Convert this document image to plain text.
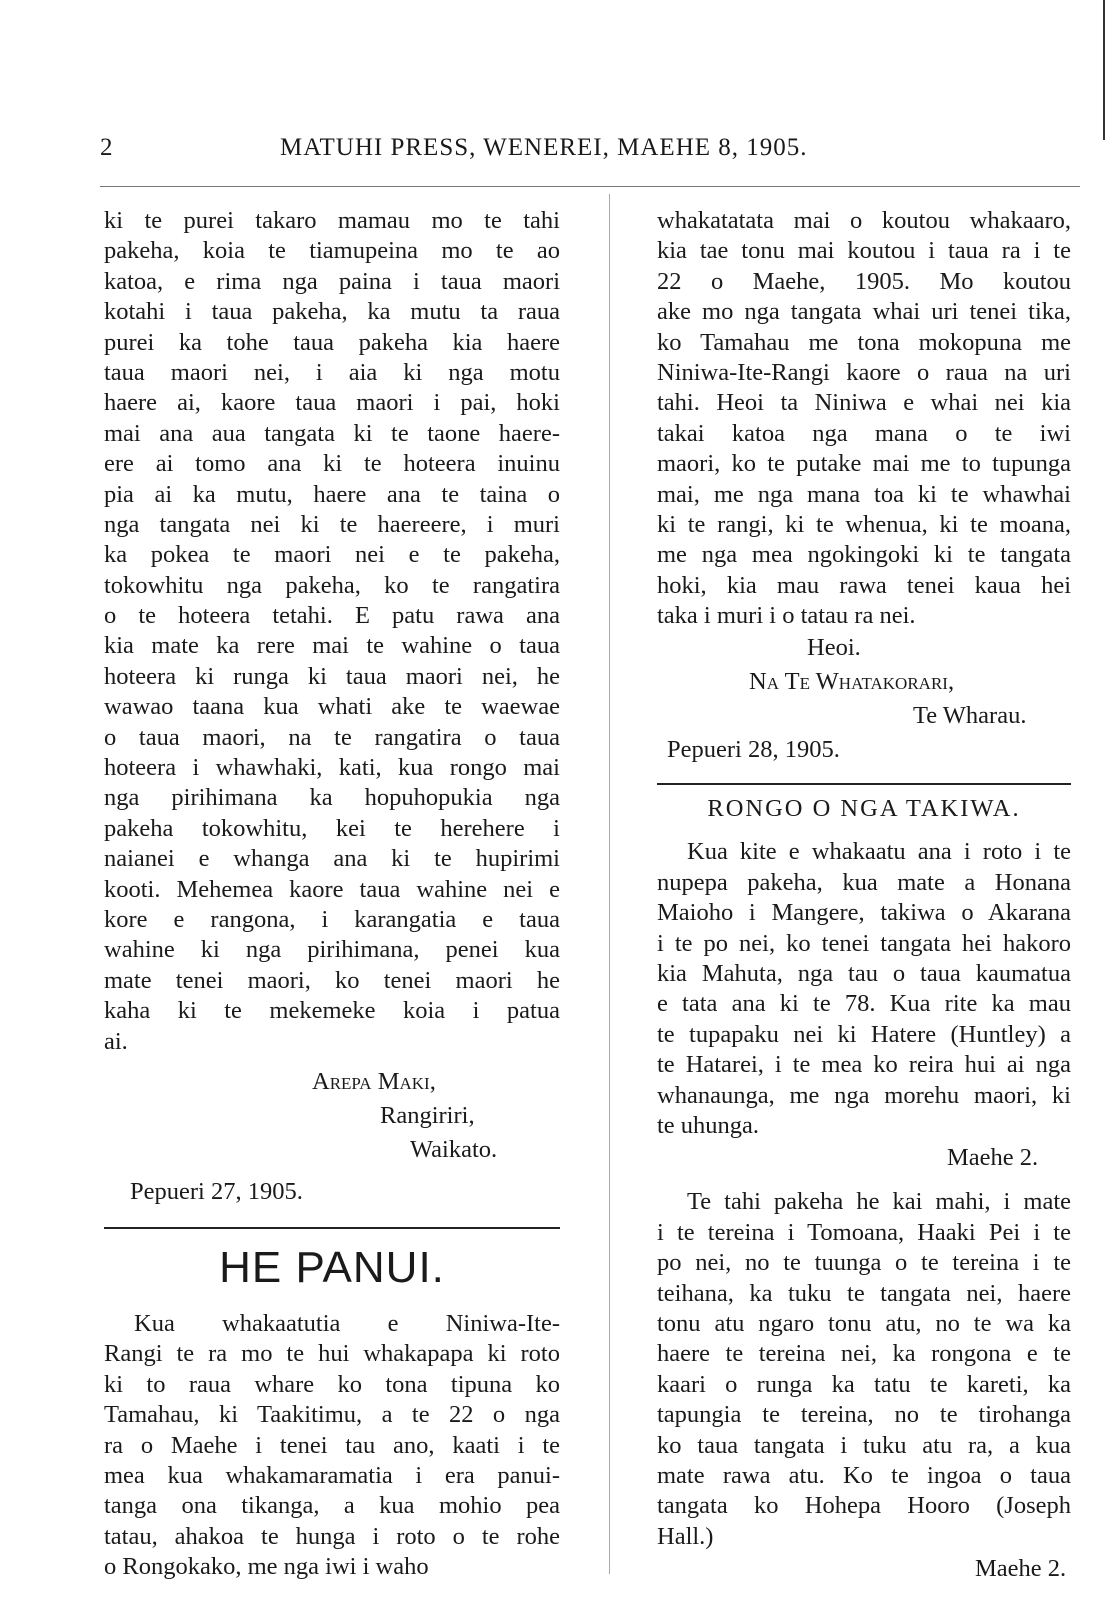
2	MATUHI PRESS, WENEREI, MAEHE 8, 1905.
ki te purei takaro mamau mo te tahi
pakeha, koia te tiamupeina mo te ao
katoa, e rima nga paina i taua maori
kotahi i taua pakeha, ka mutu ta raua
purei ka tohe taua pakeha kia haere
taua maori nei, i aia ki nga motu
haere ai, kaore taua maori i pai, hoki
mai ana aua tangata ki te taone haere-
ere ai tomo ana ki te hoteera inuinu
pia ai ka mutu, haere ana te taina o
nga tangata nei ki te haereere, i muri
ka pokea te maori nei e te pakeha,
tokowhitu nga pakeha, ko te rangatira
o te hoteera tetahi. E patu rawa ana
kia mate ka rere mai te wahine o taua
hoteera ki runga ki taua maori nei, he
wawao taana kua whati ake te waewae
o taua maori, na te rangatira o taua
hoteera i whawhaki, kati, kua rongo mai
nga pirihimana ka hopuhopukia nga
pakeha tokowhitu, kei te herehere i
naianei e whanga ana ki te hupirimi
kooti. Mehemea kaore taua wahine nei e
kore e rangona, i karangatia e taua
wahine ki nga pirihimana, penei kua
mate tenei maori, ko tenei maori he
kaha ki te mekemeke koia i patua
ai.
Arepa Maki,
Rangiriri,
Waikato.
Pepueri 27, 1905.
HE PANUI.
Kua whakaatutia e Niniwa-Ite-
Rangi te ra mo te hui whakapapa ki roto
ki to raua whare ko tona tipuna ko
Tamahau, ki Taakitimu, a te 22 o nga
ra o Maehe i tenei tau ano, kaati i te
mea kua whakamaramatia i era panui-
tanga ona tikanga, a kua mohio pea
tatau, ahakoa te hunga i roto o te rohe
o Rongokako, me nga iwi i waho
whakatatata mai o koutou whakaaro,
kia tae tonu mai koutou i taua ra i te
22 o Maehe, 1905. Mo koutou
ake mo nga tangata whai uri tenei tika,
ko Tamahau me tona mokopuna me
Niniwa-Ite-Rangi kaore o raua na uri
tahi. Heoi ta Niniwa e whai nei kia
takai katoa nga mana o te iwi
maori, ko te putake mai me to tupunga
mai, me nga mana toa ki te whawhai
ki te rangi, ki te whenua, ki te moana,
me nga mea ngokingoki ki te tangata
hoki, kia mau rawa tenei kaua hei
taka i muri i o tatau ra nei.
Heoi.
Na Te Whatakorari,
Te Wharau.
Pepueri 28, 1905.
RONGO O NGA TAKIWA.
Kua kite e whakaatu ana i roto i te
nupepa pakeha, kua mate a Honana
Maioho i Mangere, takiwa o Akarana
i te po nei, ko tenei tangata hei hakoro
kia Mahuta, nga tau o taua kaumatua
e tata ana ki te 78. Kua rite ka mau
te tupapaku nei ki Hatere (Huntley) a
te Hatarei, i te mea ko reira hui ai nga
whanaunga, me nga morehu maori, ki
te uhunga.
Maehe 2.
Te tahi pakeha he kai mahi, i mate
i te tereina i Tomoana, Haaki Pei i te
po nei, no te tuunga o te tereina i te
teihana, ka tuku te tangata nei, haere
tonu atu ngaro tonu atu, no te wa ka
haere te tereina nei, ka rongona e te
kaari o runga ka tatu te kareti, ka
tapungia te tereina, no te tirohanga
ko taua tangata i tuku atu ra, a kua
mate rawa atu. Ko te ingoa o taua
tangata ko Hohepa Hooro (Joseph
Hall.)
Maehe 2.
